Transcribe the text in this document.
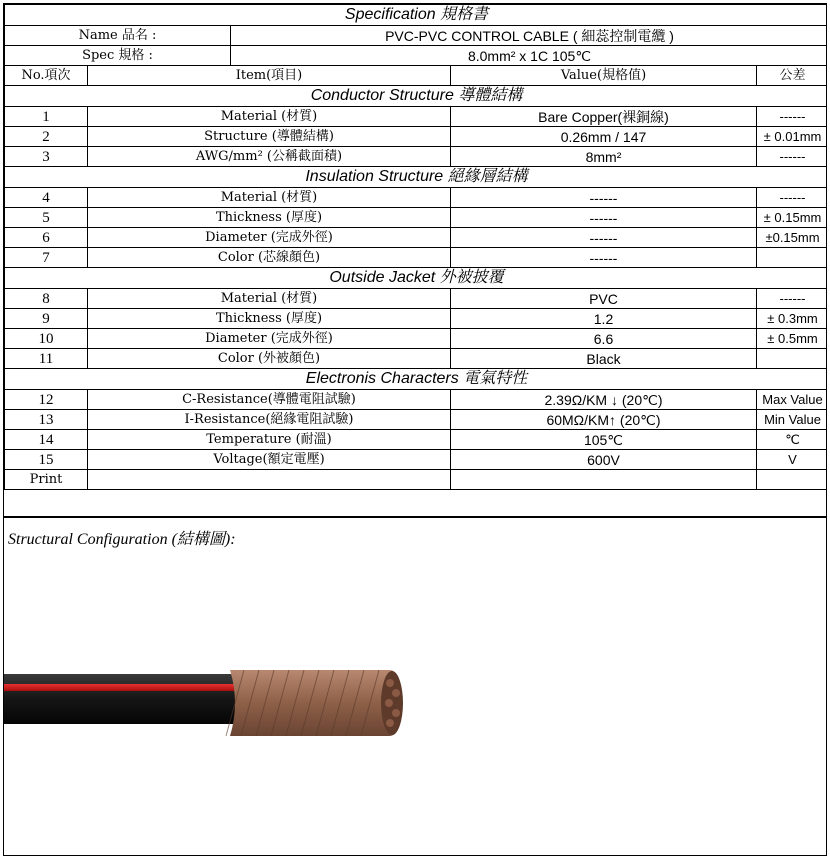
Specification 規格書				
Name 品名 :		PVC-PVC CONTROL CABLE ( 細蕊控制電纜 )		
Spec 規格 :		8.0mm² x 1C 105℃		
No.項次	Item(項目)		Value(規格值)	公差
Conductor Structure 導體結構				
1	Material (材質)		Bare Copper(裸銅線)	------
2	Structure (導體結構)		0.26mm / 147	± 0.01mm
3	AWG/mm² (公稱截面積)		8mm²	------
Insulation Structure 絕緣層結構				
4	Material (材質)		------	------
5	Thickness (厚度)		------	± 0.15mm
6	Diameter (完成外徑)		------	±0.15mm
7	Color (芯線顏色)		------	
Outside Jacket 外被披覆				
8	Material (材質)		PVC	------
9	Thickness (厚度)		1.2	± 0.3mm
10	Diameter (完成外徑)		6.6	± 0.5mm
11	Color (外被顏色)		Black	
Electronis Characters 電氣特性				
12	C-Resistance(導體電阻試驗)		2.39Ω/KM ↓ (20℃)	Max Value
13	I-Resistance(絕緣電阻試驗)		60MΩ/KM↑ (20℃)	Min Value
14	Temperature (耐溫)		105℃	℃
15	Voltage(額定電壓)		600V	V
Print				
Structural Configuration (結構圖):
